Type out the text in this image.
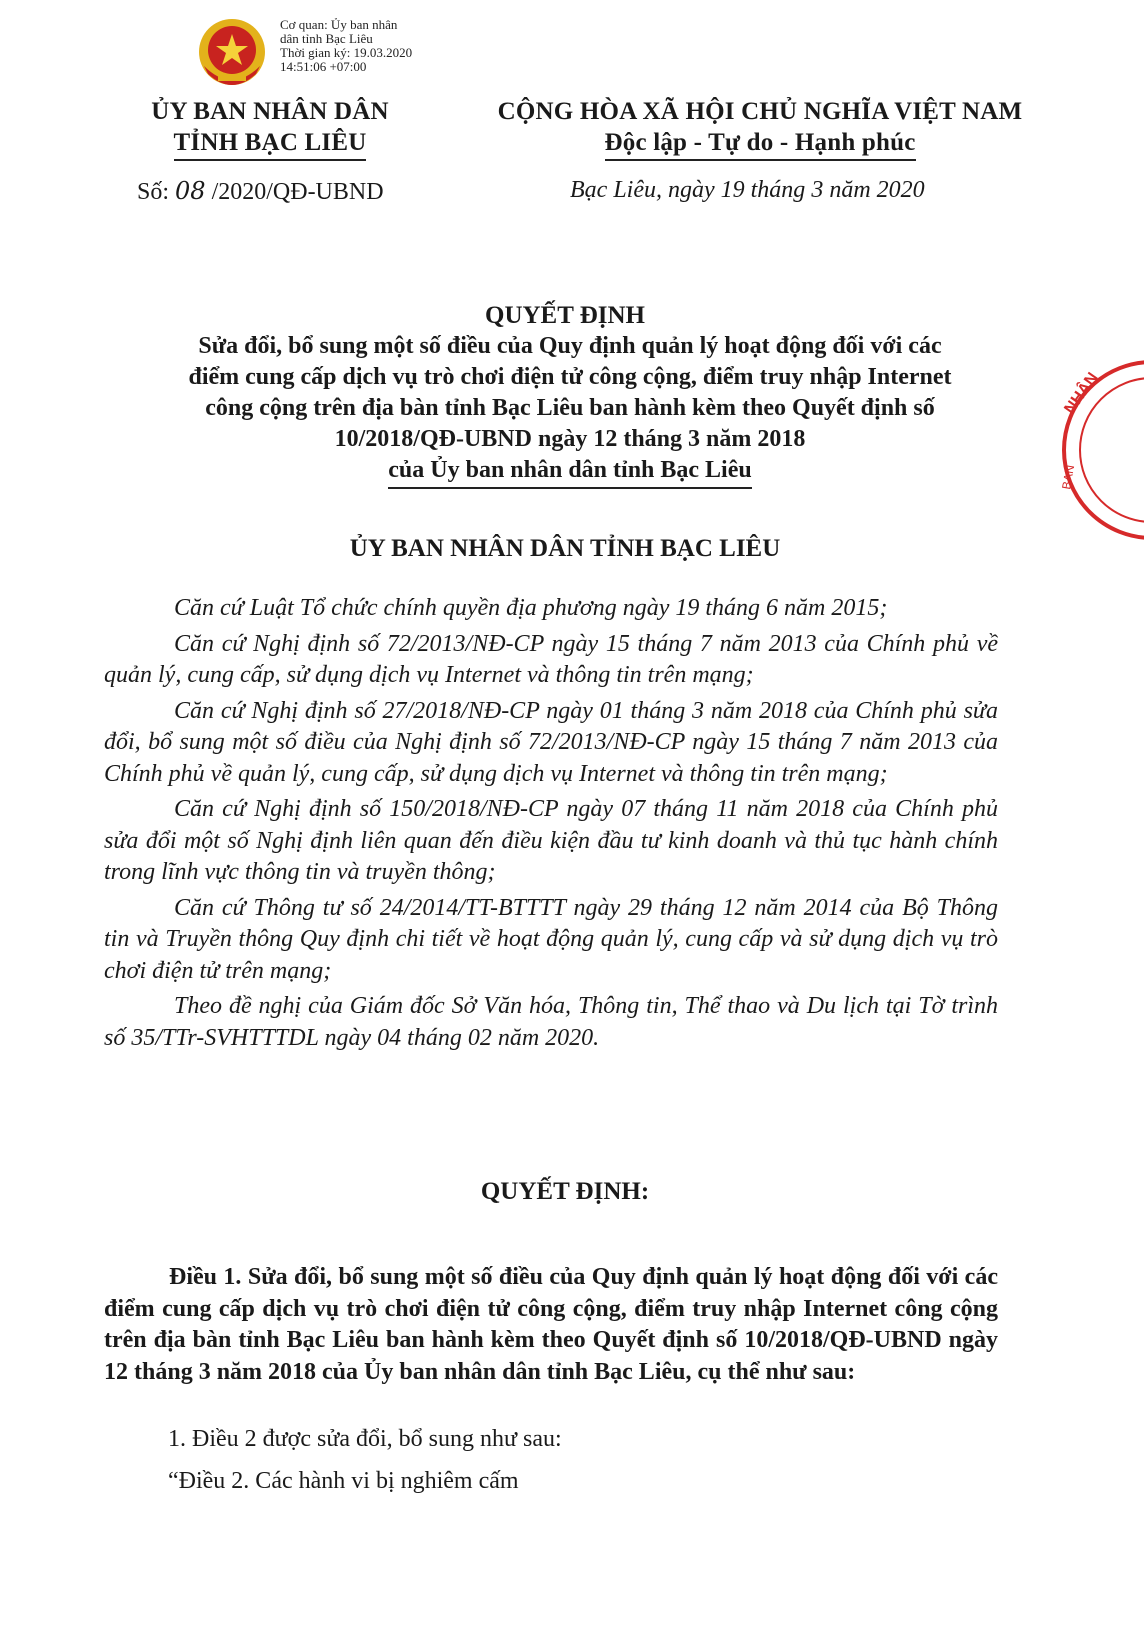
Cơ quan: Ủy ban nhân
dân tỉnh Bạc Liêu
Thời gian ký: 19.03.2020
14:51:06 +07:00
ỦY BAN NHÂN DÂN
TỈNH BẠC LIÊU
CỘNG HÒA XÃ HỘI CHỦ NGHĨA VIỆT NAM
Độc lập - Tự do - Hạnh phúc
Số: 08 /2020/QĐ-UBND	Bạc Liêu, ngày 19 tháng 3 năm 2020
QUYẾT ĐỊNH
Sửa đổi, bổ sung một số điều của Quy định quản lý hoạt động đối với các
điểm cung cấp dịch vụ trò chơi điện tử công cộng, điểm truy nhập Internet
công cộng trên địa bàn tỉnh Bạc Liêu ban hành kèm theo Quyết định số
10/2018/QĐ-UBND ngày 12 tháng 3 năm 2018
của Ủy ban nhân dân tỉnh Bạc Liêu
ỦY BAN NHÂN DÂN TỈNH BẠC LIÊU

Căn cứ Luật Tổ chức chính quyền địa phương ngày 19 tháng 6 năm 2015;

Căn cứ Nghị định số 72/2013/NĐ-CP ngày 15 tháng 7 năm 2013 của Chính phủ về quản lý, cung cấp, sử dụng dịch vụ Internet và thông tin trên mạng;

Căn cứ Nghị định số 27/2018/NĐ-CP ngày 01 tháng 3 năm 2018 của Chính phủ sửa đổi, bổ sung một số điều của Nghị định số 72/2013/NĐ-CP ngày 15 tháng 7 năm 2013 của Chính phủ về quản lý, cung cấp, sử dụng dịch vụ Internet và thông tin trên mạng;

Căn cứ Nghị định số 150/2018/NĐ-CP ngày 07 tháng 11 năm 2018 của Chính phủ sửa đổi một số Nghị định liên quan đến điều kiện đầu tư kinh doanh và thủ tục hành chính trong lĩnh vực thông tin và truyền thông;

Căn cứ Thông tư số 24/2014/TT-BTTTT ngày 29 tháng 12 năm 2014 của Bộ Thông tin và Truyền thông Quy định chi tiết về hoạt động quản lý, cung cấp và sử dụng dịch vụ trò chơi điện tử trên mạng;

Theo đề nghị của Giám đốc Sở Văn hóa, Thông tin, Thể thao và Du lịch tại Tờ trình số 35/TTr-SVHTTTDL ngày 04 tháng 02 năm 2020.

QUYẾT ĐỊNH:
Điều 1. Sửa đổi, bổ sung một số điều của Quy định quản lý hoạt động đối với các điểm cung cấp dịch vụ trò chơi điện tử công cộng, điểm truy nhập Internet công cộng trên địa bàn tỉnh Bạc Liêu ban hành kèm theo Quyết định số 10/2018/QĐ-UBND ngày 12 tháng 3 năm 2018 của Ủy ban nhân dân tỉnh Bạc Liêu, cụ thể như sau:
1. Điều 2 được sửa đổi, bổ sung như sau:
“Điều 2. Các hành vi bị nghiêm cấm
NHÂN
BAN
